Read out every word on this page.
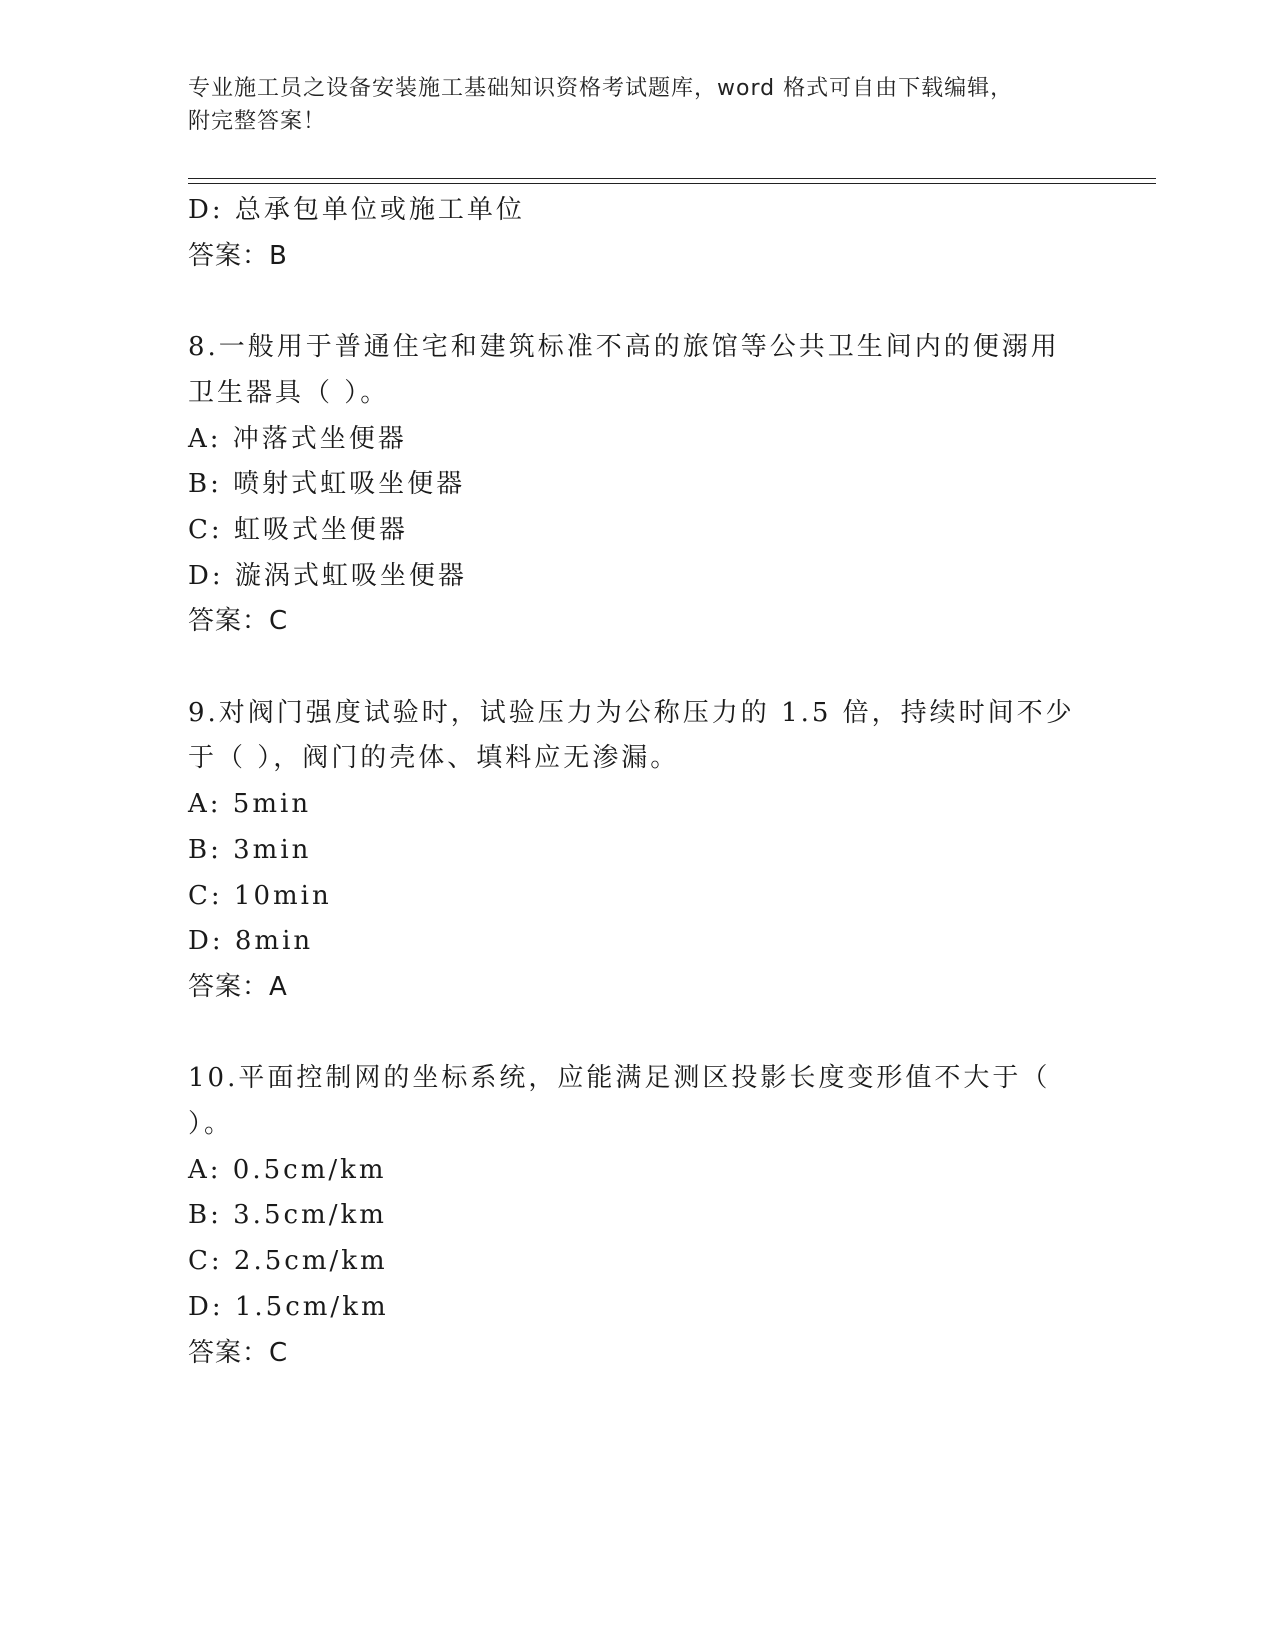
专业施工员之设备安装施工基础知识资格考试题库，word 格式可自由下载编辑，
附完整答案！
D: 总承包单位或施工单位
答案：B
8.一般用于普通住宅和建筑标准不高的旅馆等公共卫生间内的便溺用
卫生器具（ ）。
A: 冲落式坐便器
B: 喷射式虹吸坐便器
C: 虹吸式坐便器
D: 漩涡式虹吸坐便器
答案：C
9.对阀门强度试验时，试验压力为公称压力的 1.5 倍，持续时间不少
于（ ），阀门的壳体、填料应无渗漏。
A: 5min
B: 3min
C: 10min
D: 8min
答案：A
10.平面控制网的坐标系统，应能满足测区投影长度变形值不大于（
）。
A: 0.5cm/km
B: 3.5cm/km
C: 2.5cm/km
D: 1.5cm/km
答案：C
